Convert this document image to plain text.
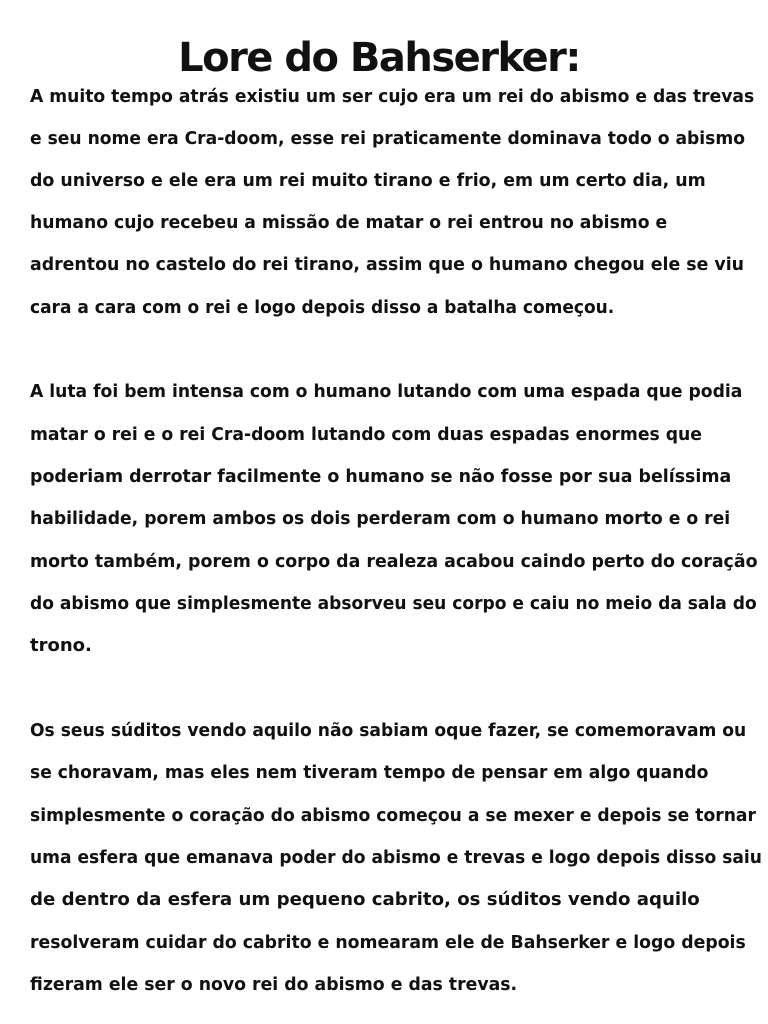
Lore do Bahserker:

A muito tempo atrás existiu um ser cujo era um rei do abismo e das trevas

e seu nome era Cra-doom, esse rei praticamente dominava todo o abismo

do universo e ele era um rei muito tirano e frio, em um certo dia, um

humano cujo recebeu a missão de matar o rei entrou no abismo e

adrentou no castelo do rei tirano, assim que o humano chegou ele se viu

cara a cara com o rei e logo depois disso a batalha começou.

A luta foi bem intensa com o humano lutando com uma espada que podia

matar o rei e o rei Cra-doom lutando com duas espadas enormes que

poderiam derrotar facilmente o humano se não fosse por sua belíssima

habilidade, porem ambos os dois perderam com o humano morto e o rei

morto também, porem o corpo da realeza acabou caindo perto do coração

do abismo que simplesmente absorveu seu corpo e caiu no meio da sala do

trono.

Os seus súditos vendo aquilo não sabiam oque fazer, se comemoravam ou

se choravam, mas eles nem tiveram tempo de pensar em algo quando

simplesmente o coração do abismo começou a se mexer e depois se tornar

uma esfera que emanava poder do abismo e trevas e logo depois disso saiu

de dentro da esfera um pequeno cabrito, os súditos vendo aquilo

resolveram cuidar do cabrito e nomearam ele de Bahserker e logo depois

fizeram ele ser o novo rei do abismo e das trevas.
